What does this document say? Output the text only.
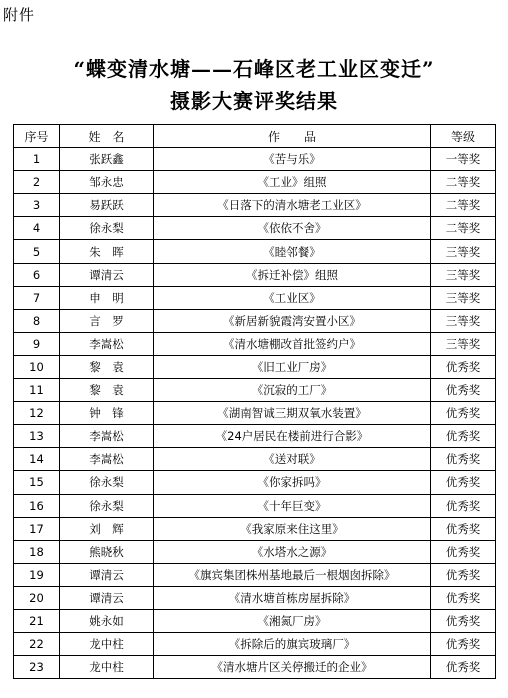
附件
“蝶变清水塘——石峰区老工业区变迁”
摄影大赛评奖结果
序号	姓　名	作　　品	等级
1	张跃鑫	《苦与乐》	一等奖
2	邹永忠	《工业》组照	二等奖
3	易跃跃	《日落下的清水塘老工业区》	二等奖
4	徐永梨	《依依不舍》	二等奖
5	朱　晖	《睦邻餐》	三等奖
6	谭清云	《拆迁补偿》组照	三等奖
7	申　明	《工业区》	三等奖
8	言　罗	《新居新貌霞湾安置小区》	三等奖
9	李嵩松	《清水塘棚改首批签约户》	三等奖
10	黎　袁	《旧工业厂房》	优秀奖
11	黎　袁	《沉寂的工厂》	优秀奖
12	钟　锋	《湖南智诚三期双氧水装置》	优秀奖
13	李嵩松	《24户居民在楼前进行合影》	优秀奖
14	李嵩松	《送对联》	优秀奖
15	徐永梨	《你家拆吗》	优秀奖
16	徐永梨	《十年巨变》	优秀奖
17	刘　辉	《我家原来住这里》	优秀奖
18	熊晓秋	《水塔水之源》	优秀奖
19	谭清云	《旗宾集团株州基地最后一根烟囱拆除》	优秀奖
20	谭清云	《清水塘首栋房屋拆除》	优秀奖
21	姚永如	《湘氮厂房》	优秀奖
22	龙中柱	《拆除后的旗宾玻璃厂》	优秀奖
23	龙中柱	《清水塘片区关停搬迁的企业》	优秀奖
